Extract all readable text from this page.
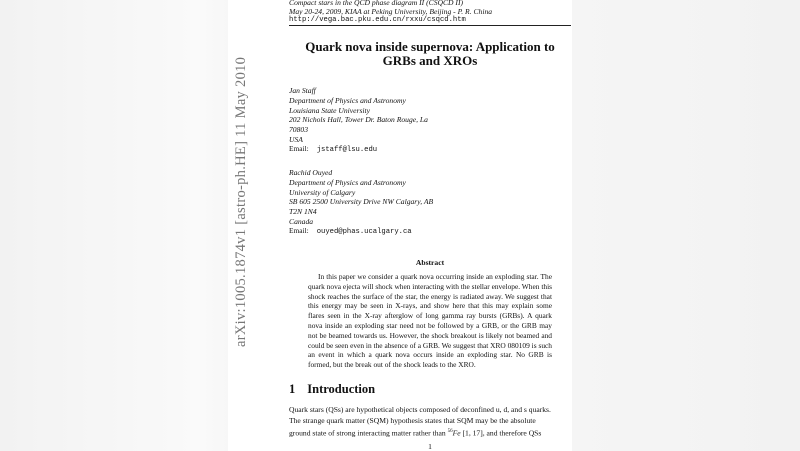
arXiv:1005.1874v1 [astro-ph.HE] 11 May 2010
Compact stars in the QCD phase diagram II (CSQCD II)
May 20-24, 2009, KIAA at Peking University, Beijing - P. R. China
http://vega.bac.pku.edu.cn/rxxu/csqcd.htm
Quark nova inside supernova: Application to
GRBs and XROs
Jan Staff
Department of Physics and Astronomy
Louisiana State University
202 Nichols Hall, Tower Dr. Baton Rouge, La
70803
USA
Email: jstaff@lsu.edu
Rachid Ouyed
Department of Physics and Astronomy
University of Calgary
SB 605 2500 University Drive NW Calgary, AB
T2N 1N4
Canada
Email: ouyed@phas.ucalgary.ca
Abstract
In this paper we consider a quark nova occurring inside an exploding star. The quark nova ejecta will shock when interacting with the stellar envelope. When this shock reaches the surface of the star, the energy is radiated away. We suggest that this energy may be seen in X-rays, and show here that this may explain some flares seen in the X-ray afterglow of long gamma ray bursts (GRBs). A quark nova inside an exploding star need not be followed by a GRB, or the GRB may not be beamed towards us. However, the shock breakout is likely not beamed and could be seen even in the absence of a GRB. We suggest that XRO 080109 is such an event in which a quark nova occurs inside an exploding star. No GRB is formed, but the break out of the shock leads to the XRO.
1 Introduction
Quark stars (QSs) are hypothetical objects composed of deconfined u, d, and s quarks.
The strange quark matter (SQM) hypothesis states that SQM may be the absolute
ground state of strong interacting matter rather than $^{56}$Fe [1, 17], and therefore QSs
1
